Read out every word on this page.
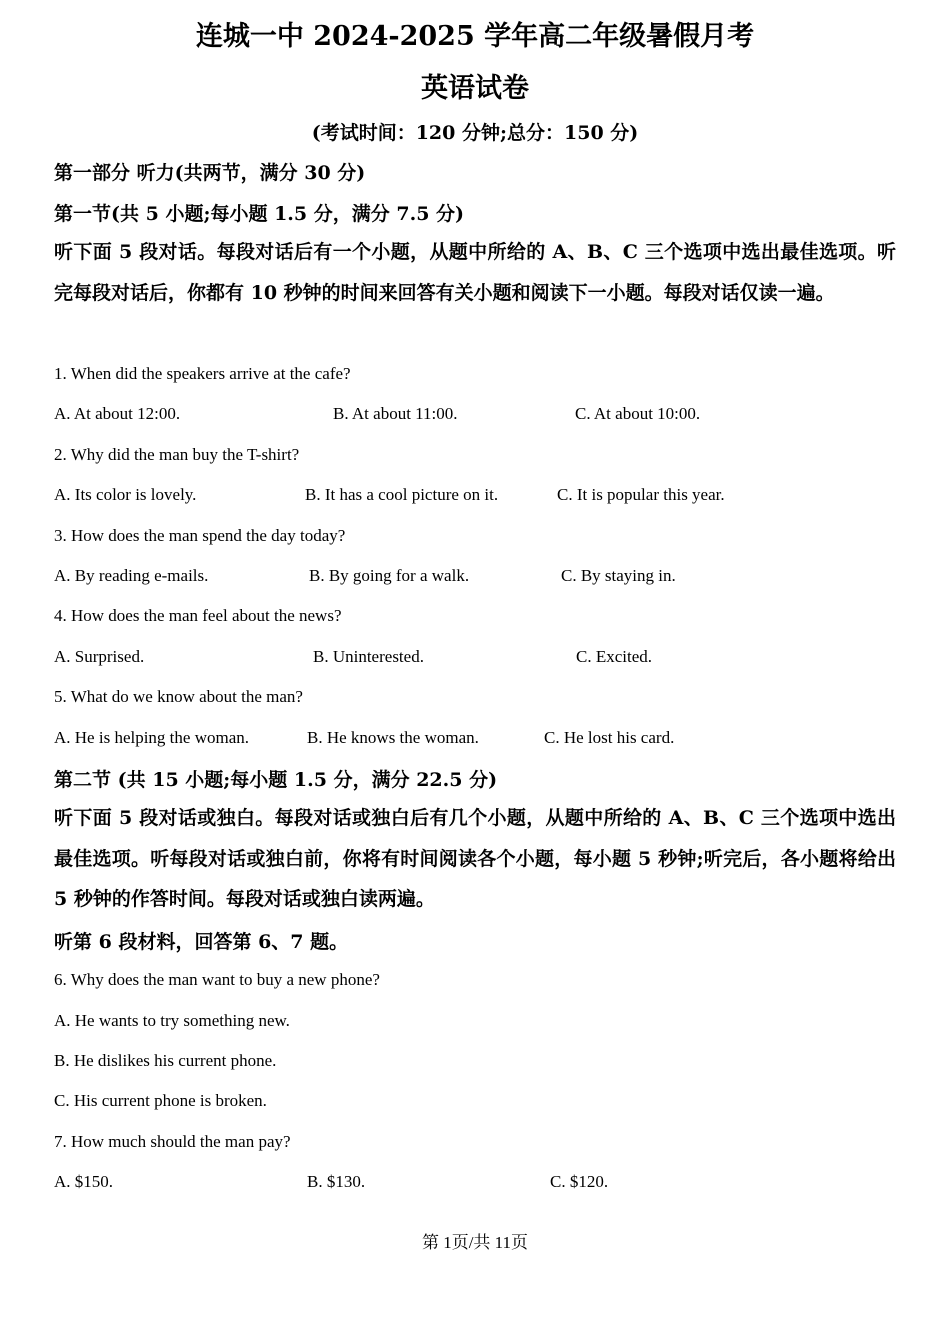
连城一中 2024-2025 学年高二年级暑假月考
英语试卷
(考试时间：120 分钟;总分：150 分)
第一部分 听力(共两节，满分 30 分)
第一节(共 5 小题;每小题 1.5 分，满分 7.5 分)
听下面 5 段对话。每段对话后有一个小题，从题中所给的 A、B、C 三个选项中选出最佳选项。听完每段对话后，你都有 10 秒钟的时间来回答有关小题和阅读下一小题。每段对话仅读一遍。
1. When did the speakers arrive at the cafe?
A. At about 12:00.	B. At about 11:00.	C. At about 10:00.
2. Why did the man buy the T-shirt?
A. Its color is lovely.	B. It has a cool picture on it.	C. It is popular this year.
3. How does the man spend the day today?
A. By reading e-mails.	B. By going for a walk.	C. By staying in.
4. How does the man feel about the news?
A. Surprised.	B. Uninterested.	C. Excited.
5. What do we know about the man?
A. He is helping the woman.	B. He knows the woman.	C. He lost his card.
第二节 (共 15 小题;每小题 1.5 分，满分 22.5 分)
听下面 5 段对话或独白。每段对话或独白后有几个小题，从题中所给的 A、B、C 三个选项中选出最佳选项。听每段对话或独白前，你将有时间阅读各个小题，每小题 5 秒钟;听完后，各小题将给出 5 秒钟的作答时间。每段对话或独白读两遍。
听第 6 段材料，回答第 6、7 题。
6. Why does the man want to buy a new phone?
A. He wants to try something new.
B. He dislikes his current phone.
C. His current phone is broken.
7. How much should the man pay?
A. $150.	B. $130.	C. $120.
第 1页/共 11页
